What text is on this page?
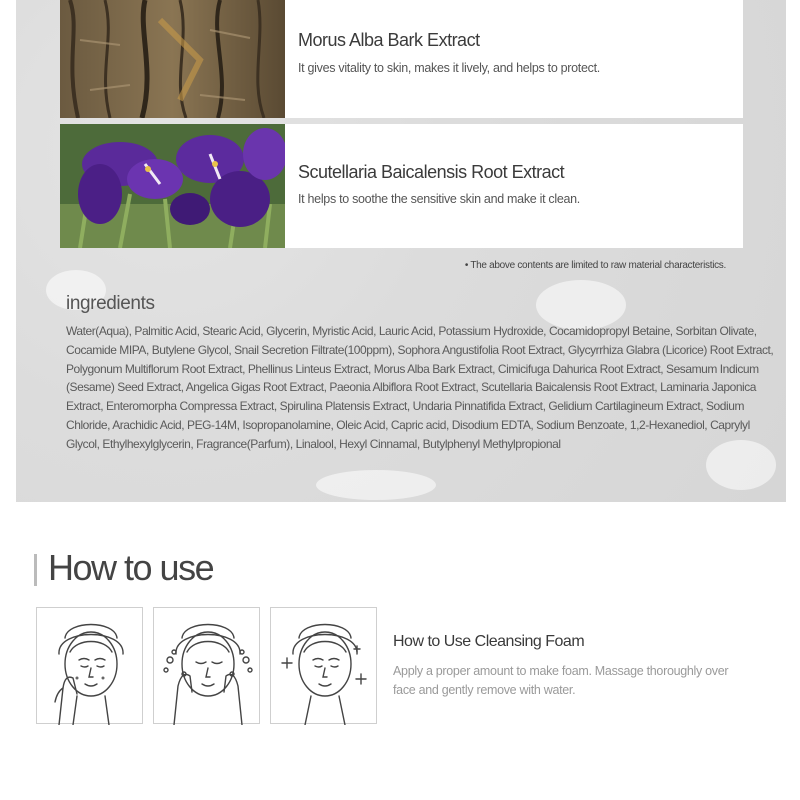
Morus Alba Bark Extract
It gives vitality to skin, makes it lively, and helps to protect.
Scutellaria Baicalensis Root Extract
It helps to soothe the sensitive skin and make it clean.
• The above contents are limited to raw material characteristics.
ingredients
Water(Aqua), Palmitic Acid, Stearic Acid, Glycerin, Myristic Acid, Lauric Acid, Potassium Hydroxide, Cocamidopropyl Betaine, Sorbitan Olivate, Cocamide MIPA, Butylene Glycol, Snail Secretion Filtrate(100ppm), Sophora Angustifolia Root Extract, Glycyrrhiza Glabra (Licorice) Root Extract, Polygonum Multiflorum Root Extract, Phellinus Linteus Extract, Morus Alba Bark Extract, Cimicifuga Dahurica Root Extract, Sesamum Indicum (Sesame) Seed Extract, Angelica Gigas Root Extract, Paeonia Albiflora Root Extract, Scutellaria Baicalensis Root Extract, Laminaria Japonica Extract, Enteromorpha Compressa Extract, Spirulina Platensis Extract, Undaria Pinnatifida Extract, Gelidium Cartilagineum Extract, Sodium Chloride, Arachidic Acid, PEG-14M, Isopropanolamine, Oleic Acid, Capric acid, Disodium EDTA, Sodium Benzoate, 1,2-Hexanediol, Caprylyl Glycol, Ethylhexylglycerin, Fragrance(Parfum), Linalool, Hexyl Cinnamal, Butylphenyl Methylpropional
How to use
How to Use Cleansing Foam
Apply a proper amount to make foam. Massage thoroughly over face and gently remove with water.
